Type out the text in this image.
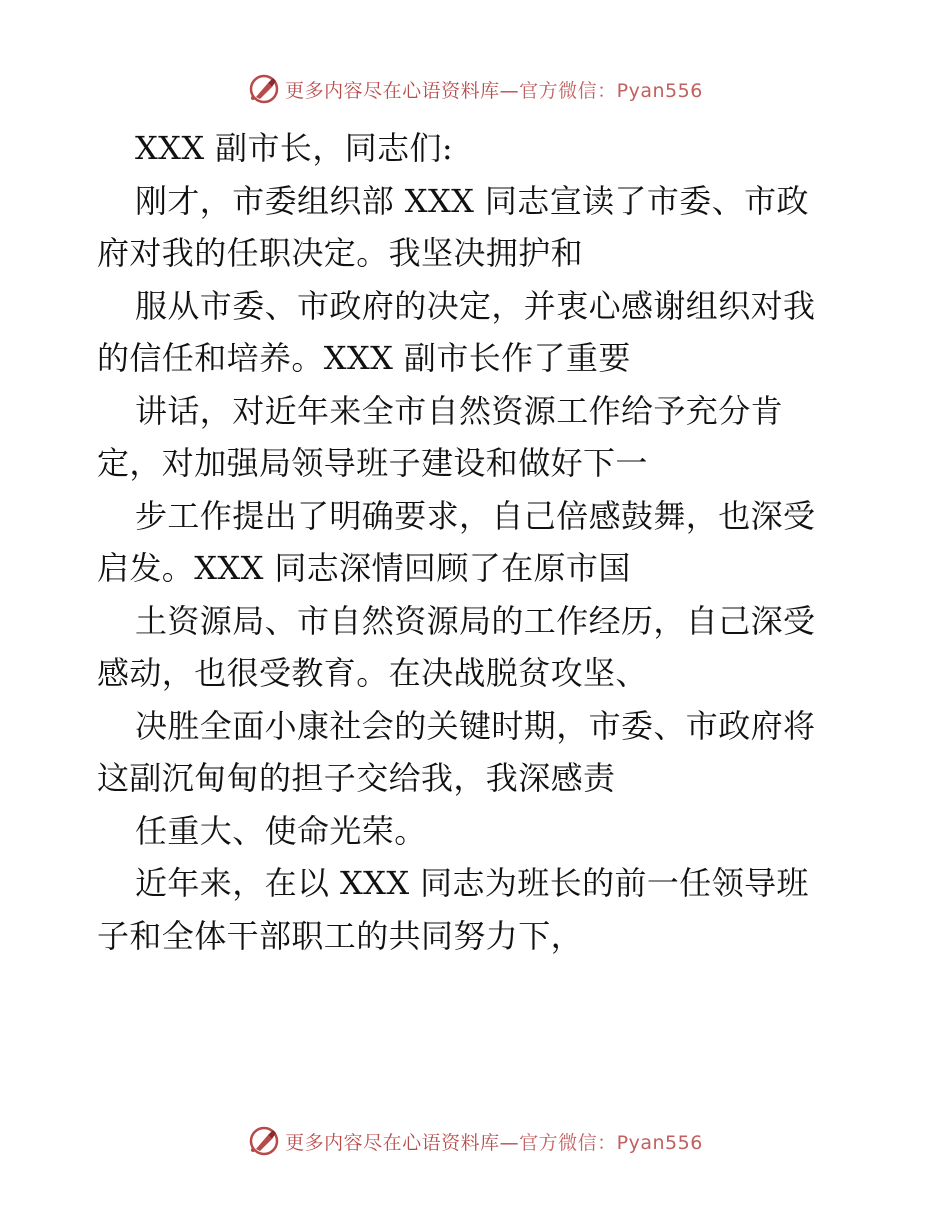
更多内容尽在心语资料库— 官方微信：Pyan556
XXX 副市长，同志们:
刚才，市委组织部 XXX 同志宣读了市委、市政
府对我的任职决定。我坚决拥护和
服从市委、市政府的决定，并衷心感谢组织对我
的信任和培养。XXX 副市长作了重要
讲话，对近年来全市自然资源工作给予充分肯
定，对加强局领导班子建设和做好下一
步工作提出了明确要求，自己倍感鼓舞，也深受
启发。XXX 同志深情回顾了在原市国
土资源局、市自然资源局的工作经历，自己深受
感动，也很受教育。在决战脱贫攻坚、
决胜全面小康社会的关键时期，市委、市政府将
这副沉甸甸的担子交给我，我深感责
任重大、使命光荣。
近年来，在以 XXX 同志为班长的前一任领导班
子和全体干部职工的共同努力下，
更多内容尽在心语资料库— 官方微信：Pyan556
